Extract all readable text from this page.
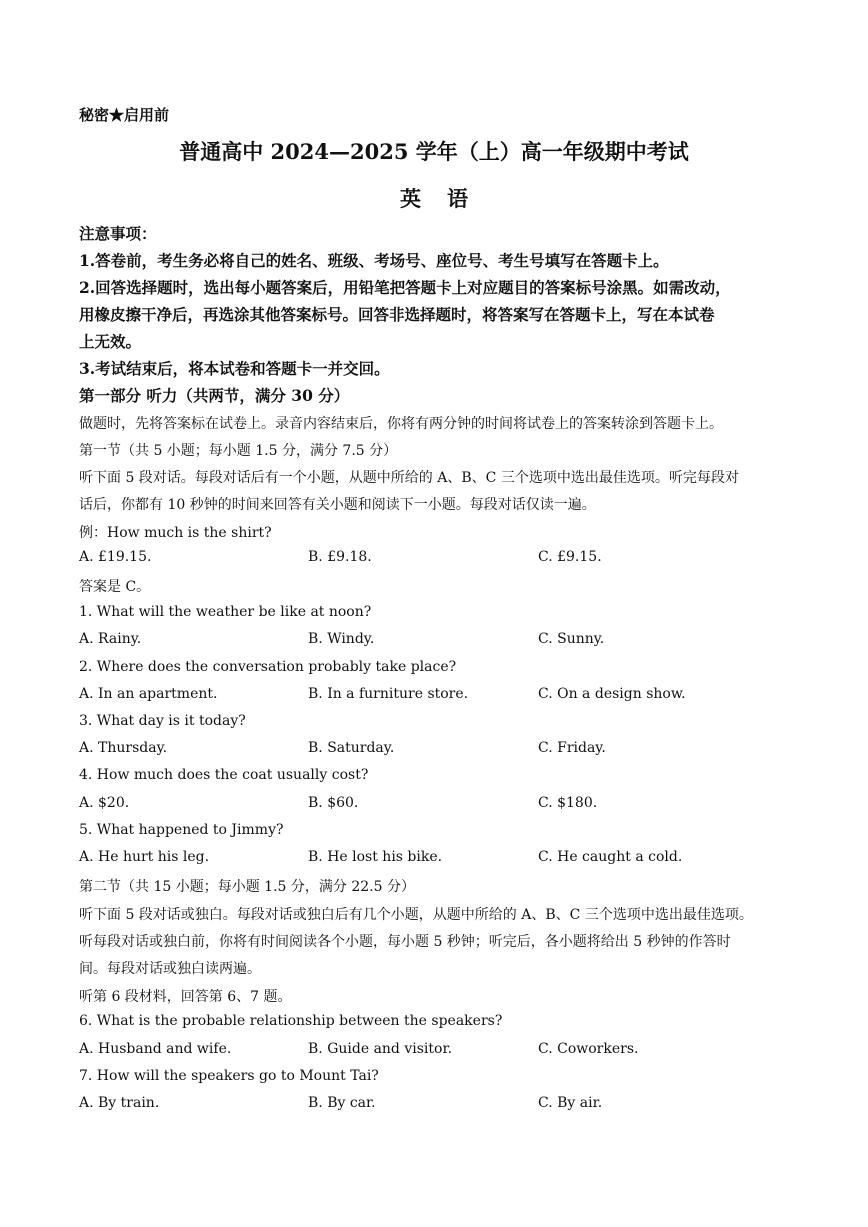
秘密★启用前
普通高中 2024—2025 学年（上）高一年级期中考试
英语
注意事项：
1.答卷前，考生务必将自己的姓名、班级、考场号、座位号、考生号填写在答题卡上。
2.回答选择题时，选出每小题答案后，用铅笔把答题卡上对应题目的答案标号涂黑。如需改动，
用橡皮擦干净后，再选涂其他答案标号。回答非选择题时，将答案写在答题卡上，写在本试卷
上无效。
3.考试结束后，将本试卷和答题卡一并交回。
第一部分 听力（共两节，满分 30 分）
做题时，先将答案标在试卷上。录音内容结束后，你将有两分钟的时间将试卷上的答案转涂到答题卡上。
第一节（共 5 小题；每小题 1.5 分，满分 7.5 分）
听下面 5 段对话。每段对话后有一个小题，从题中所给的 A、B、C 三个选项中选出最佳选项。听完每段对
话后，你都有 10 秒钟的时间来回答有关小题和阅读下一小题。每段对话仅读一遍。
例：How much is the shirt?
A. £19.15.	B. £9.18.	C. £9.15.
答案是 C。
1. What will the weather be like at noon?
A. Rainy.	B. Windy.	C. Sunny.
2. Where does the conversation probably take place?
A. In an apartment.	B. In a furniture store.	C. On a design show.
3. What day is it today?
A. Thursday.	B. Saturday.	C. Friday.
4. How much does the coat usually cost?
A. $20.	B. $60.	C. $180.
5. What happened to Jimmy?
A. He hurt his leg.	B. He lost his bike.	C. He caught a cold.
第二节（共 15 小题；每小题 1.5 分，满分 22.5 分）
听下面 5 段对话或独白。每段对话或独白后有几个小题，从题中所给的 A、B、C 三个选项中选出最佳选项。
听每段对话或独白前，你将有时间阅读各个小题，每小题 5 秒钟；听完后，各小题将给出 5 秒钟的作答时
间。每段对话或独白读两遍。
听第 6 段材料，回答第 6、7 题。
6. What is the probable relationship between the speakers?
A. Husband and wife.	B. Guide and visitor.	C. Coworkers.
7. How will the speakers go to Mount Tai?
A. By train.	B. By car.	C. By air.
